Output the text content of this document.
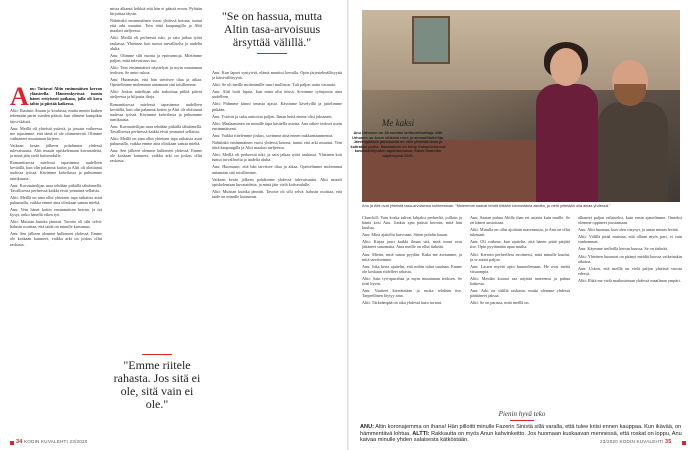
A nu: Tuttavat Altin ensimmäisen kerran yläasteella. Hämeenkyrössä tunsin hänet erityisesti poikana, jolla oli kova tahto ja piirtää kaikessa.

Altti: Ihastuin Anuun jo koulussa, mutta menin kaiken tekemään parin vuoden päästä, kun olimme kumpikin täysi-ikäisiä.

Anu: Meillä oli yhteisiä ystäviä, ja jossain vaiheessa me tajusimme, että tämä ei ole ohimenevää. Olimme vaihtaneet muutaman kirjeen.

Vaikean kesän jälkeen pohdimme yhdessä tulevaisuutta. Altti muutti opiskelemaan kuvataidetta, ja minä jäin vielä kotiseudulle.

Romanttisessa mielessä tapasimme uudelleen keväällä, kun olin palannut kotiin ja Altti oli aloittanut uudessa työssä. Kävimme kahvilassa ja puhuimme tuntikausia.

Anu: Kuvataiteilijan uraa tehdään pitkällä tähtäimellä. Tavallisessa perheessä kaikki eivät ymmärrä sellaista.

Altti: Meillä on aina ollut yhteinen tapa ratkaista asiat puhumalla, vaikka emme aina olisikaan samaa mieltä.

Anu: Vein hänet kotiin ensimmäisen kerran, ja isä kysyi, onko hänellä oikea työ.

Altti: Muistan kuinka jännitti. Tavoite oli silti selvä: halusin osoittaa, että taide on minulle kutsumus.

Anu: Sen jälkeen olemme kulkeneet yhdessä. Emme ole koskaan katuneet, vaikka arki on joskus ollut raskasta.

mista alkanut leikkiä että hän ei päästä eroon. Pyhitän kirjoittaa täysin.

Nähtiinkö ensimmäinen vuosi yhdessä kotona, tuntui että arki muuttui. Tein töitä kaupungilla ja Altti maalasi ateljeessa.

Altti: Meillä oli perheestä tuki, ja sain jatkaa työtä rauhassa. Yhteinen koti tuntui turvalliselta ja uudelta alulta.

Anu: Olimme silti nuoria ja epävarmoja. Mietimme paljon, mitä tulevaisuus tuo.

Altti: Tein ensimmäiset näyttelyni ja myin muutaman teoksen. Se antoi uskoa.

Anu: Huomasin, että hän tarvitsee tilaa ja aikaa. Opettelimme molemmat antamaan sitä toisillemme.

Altti: Joskus taiteilijan arki tarkoittaa pitkiä päiviä ateljeessa ja hiljaisia iltoja.

Romanttisessa mielessä tapasimme uudelleen keväällä, kun olin palannut kotiin ja Altti oli aloittanut uudessa työssä. Kävimme kahvilassa ja puhuimme tuntikausia.

Anu: Kuvataiteilijan uraa tehdään pitkällä tähtäimellä. Tavallisessa perheessä kaikki eivät ymmärrä sellaista.

Altti: Meillä on aina ollut yhteinen tapa ratkaista asiat puhumalla, vaikka emme aina olisikaan samaa mieltä.

Anu: Sen jälkeen olemme kulkeneet yhdessä. Emme ole koskaan katuneet, vaikka arki on joskus ollut raskasta.

"Emme riitele rahasta. Jos sitä ei ole, sitä vain ei ole."
"Se on hassua, mutta Altin tasa-arvoisuus ärsyttää välillä."

Anu: Kun lapset syntyivät, elämä muuttui kerralla. Opin järjestelmällisyyttä ja kärsivällisyyttä.

Altti: Se oli meille molemmille suuri mullistus. Tuli paljon uutta vastuuta.

Anu: Altti hoiti lapsia, kun minä olin töissä. Sovimme työnjaosta aina uudelleen.

Altti: Pidimme kiinni omasta ajasta. Kävimme kävelyillä ja juttelimme pitkään.

Anu: Ystävät ja suku auttoivat paljon. Ilman heitä emme olisi jaksaneet.

Altti: Maalaaminen on minulle tapa käsitellä asioita. Anu näkee teokset usein ensimmäisenä.

Anu: Vaikka riitelemme joskus, sovimme aina ennen nukkumaanmenoa.

Nähtiinkö ensimmäinen vuosi yhdessä kotona, tuntui että arki muuttui. Tein töitä kaupungilla ja Altti maalasi ateljeessa.

Altti: Meillä oli perheestä tuki, ja sain jatkaa työtä rauhassa. Yhteinen koti tuntui turvalliselta ja uudelta alulta.

Anu: Huomasin, että hän tarvitsee tilaa ja aikaa. Opettelimme molemmat antamaan sitä toisillemme.

Vaikean kesän jälkeen pohdimme yhdessä tulevaisuutta. Altti muutti opiskelemaan kuvataidetta, ja minä jäin vielä kotiseudulle.

Altti: Muistan kuinka jännitti. Tavoite oli silti selvä: halusin osoittaa, että taide on minulle kutsumus.

34 KODIN KUVALEHTI 23/2020
Me kaksi
Anu Urhonen on 45-vuotias kulttuurituottaja. Altti Urhonen on Anun vihkimä mies ja ammattitaiteilija. Järvenpäässä pariskunta on viisi yhteistä lasta ja kotirakas perhe. Haastattelu on tehty Kaisaniemessä kuvataiteilijoiden tapahtumassa, Kaisa Saarelan näyttelyssä 2020.
Anu ja Altti ovat yhteistä tasa-arvoisesta suhteestaan. "Molemmat saavat tehdä töitään kiinnostavia asioita, ja vielä yritetään olla aikaa yhdessä."

Churchill: Vain koska tulivat lahjaksi perheeltä, joilloin ja häntä kosi Anu. Jonkin ajan päästä kerroin, mitä hän kuuluu.

Anu: Minä ajattelin kasvoaan. Sitten pohdin kauan.

Altti: Kirjaa juuri kaikki ilman sitä, mitä muut ovat jättäneet sanomatta. Aina meille on ollut tärkeää.

Anu: Mietin, mitä sanon pyydän. Kuka me asetamme, ja mitä tarvitsemme.

Anu: Joka kerta ajattelin, että mihin rahat saadaan. Emme ole koskaan riidelleet rahasta.

Altti: Sain työ-apurahaa ja myin muutaman teoksen. Se riitti hyvin.

Anu: Vaatteet kierrätetään ja ruoka tehdään itse. Tarpeellinen löytyy aina.

Altti: Tärkeämpää on aika yhdessä kuin tavarat.

Anu: Saatan puhua Altille ihan eri asiasta kuin muille. Se on hänen ansioitaan.

Altti: Minulla on ollut ajoittain masennusta, ja Anu on ollut tukenani.

Anu: Oli vaikeaa, kun ajattelin, että hänen pitää pärjätä itse. Opin pyytämään apua muilta.

Altti: Kerroin perheelleni avoimesti, mitä minulle kuului, ja se auttoi paljon.

Anu: Lasten myötä opin kuuntelemaan. He ovat meitä viisaampia.

Altti: Meidän kotona saa näyttää tunteensa ja puhua kaikesta.

Anu: Arki on välillä raskasta, mutta olemme yhdessä päättäneet jaksaa.

Altti: Se on parasta, mitä meillä on.

alkaneet paljon erilaiseksi, kuin ensin ajattelimme. Onneksi olemme oppineet joustamaan.

Anu: Altti huomaa, kun olen väsynyt, ja antaa minun levätä.

Altti: Välillä pitää muistaa, että ollaan myös pari, ei vain vanhemmat.

Anu: Käymme treffeillä kerran kuussa. Se on tärkeää.

Altti: Yhteinen huumori on pitänyt meidät koossa vaikeinakin aikoina.

Anu: Uskon, että meillä on vielä paljon yhteisiä vuosia edessä.

Altti: Ehkä me vielä matkustetaan yhdessä maailman ympäri.

Pienin hyvä teko
ANU: Altin koronajemma on ihana! Hän pilloitti minulle Fazerin Sinistä sillä varalla, että tulee kriisi ennen kauppaa. Kun ikävää, on hämmentävä lohtua. ALTTI: Rakkautta on myös Anun kahvinkeitto. Jos huomaan kuskaavan mennessä, että roskat on loppu, Anu kaivaa minulle yhden salaisesta kätköstään.	23/2020 KODIN KUVALEHTI 35
